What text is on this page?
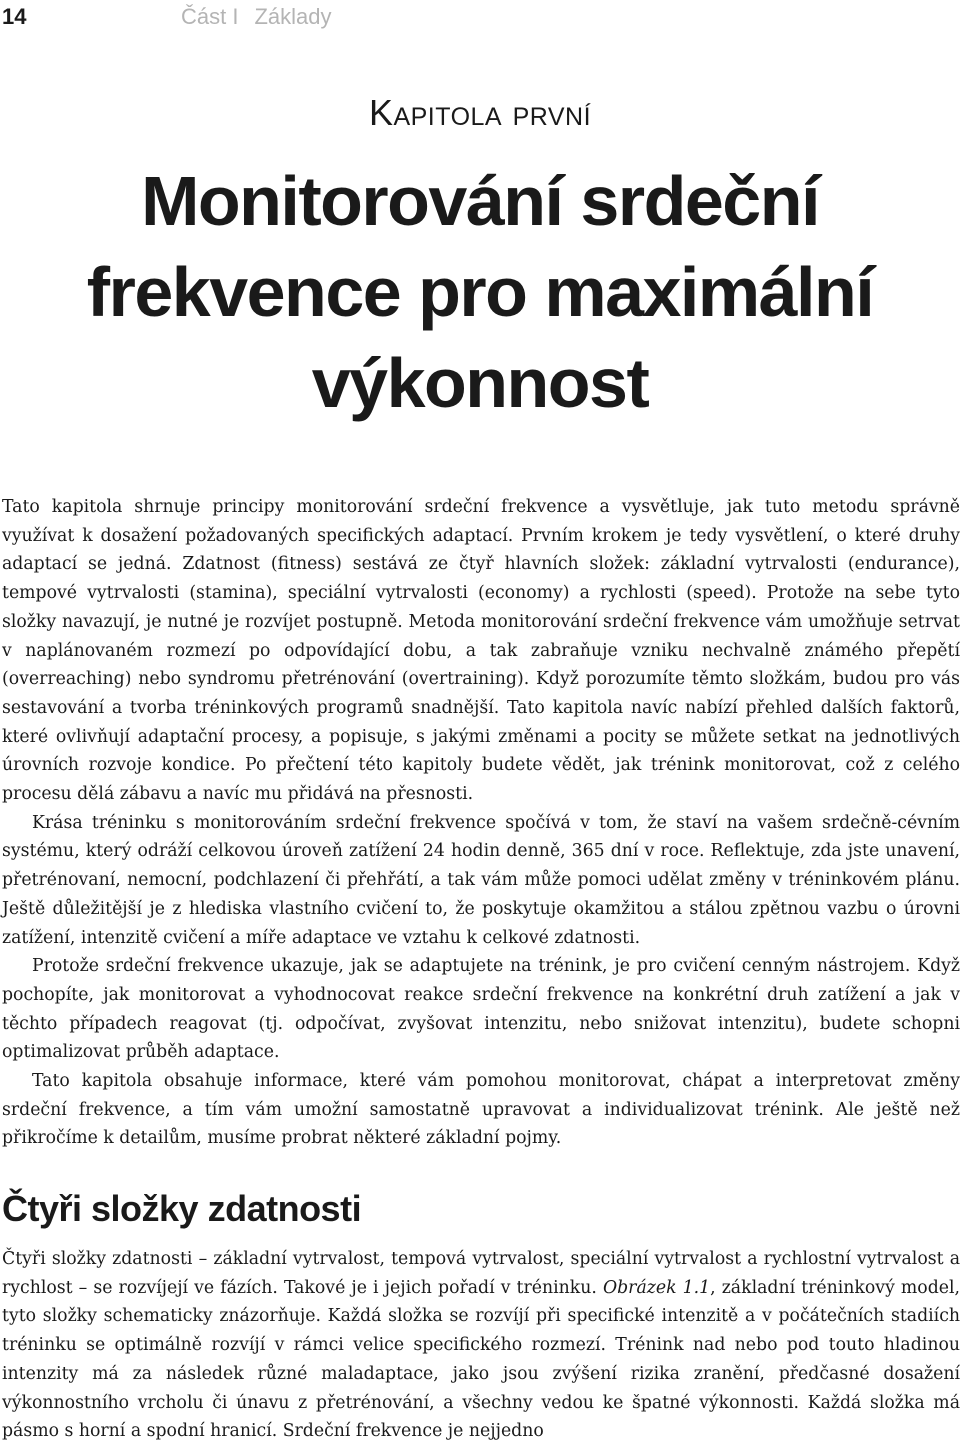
14	Část I Základy
Kapitola první
Monitorování srdeční
frekvence pro maximální
výkonnost

Tato kapitola shrnuje principy monitorování srdeční frekvence a vysvětluje, jak tuto metodu správně využívat k dosažení požadovaných specifických adaptací. Prvním krokem je tedy vysvětlení, o které druhy adaptací se jedná. Zdatnost (fitness) sestává ze čtyř hlavních složek: základní vytrvalosti (endurance), tempové vytrvalosti (stamina), speciální vytrvalosti (economy) a rychlosti (speed). Protože na sebe tyto složky navazují, je nutné je rozvíjet postupně. Metoda monitorování srdeční frekvence vám umožňuje setrvat v naplánovaném rozmezí po odpovídající dobu, a tak zabraňuje vzniku nechvalně známého přepětí (overreaching) nebo syndromu přetrénování (overtraining). Když porozumíte těmto složkám, budou pro vás sestavování a tvorba tréninkových programů snadnější. Tato kapitola navíc nabízí přehled dalších faktorů, které ovlivňují adaptační procesy, a popisuje, s jakými změnami a pocity se můžete setkat na jednotlivých úrovních rozvoje kondice. Po přečtení této kapitoly budete vědět, jak trénink monitorovat, což z celého procesu dělá zábavu a navíc mu přidává na přesnosti.

Krása tréninku s monitorováním srdeční frekvence spočívá v tom, že staví na vašem srdečně-cévním systému, který odráží celkovou úroveň zatížení 24 hodin denně, 365 dní v roce. Reflektuje, zda jste unavení, přetrénovaní, nemocní, podchlazení či přehřátí, a tak vám může pomoci udělat změny v tréninkovém plánu. Ještě důležitější je z hlediska vlastního cvičení to, že poskytuje okamžitou a stálou zpětnou vazbu o úrovni zatížení, intenzitě cvičení a míře adaptace ve vztahu k celkové zdatnosti.

Protože srdeční frekvence ukazuje, jak se adaptujete na trénink, je pro cvičení cenným nástrojem. Když pochopíte, jak monitorovat a vyhodnocovat reakce srdeční frekvence na konkrétní druh zatížení a jak v těchto případech reagovat (tj. odpočívat, zvyšovat intenzitu, nebo snižovat intenzitu), budete schopni optimalizovat průběh adaptace.

Tato kapitola obsahuje informace, které vám pomohou monitorovat, chápat a interpretovat změny srdeční frekvence, a tím vám umožní samostatně upravovat a individualizovat trénink. Ale ještě než přikročíme k detailům, musíme probrat některé základní pojmy.

Čtyři složky zdatnosti

Čtyři složky zdatnosti – základní vytrvalost, tempová vytrvalost, speciální vytrvalost a rychlostní vytrvalost a rychlost – se rozvíjejí ve fázích. Takové je i jejich pořadí v tréninku. Obrázek 1.1, základní tréninkový model, tyto složky schematicky znázorňuje. Každá složka se rozvíjí při specifické intenzitě a v počátečních stadiích tréninku se optimálně rozvíjí v rámci velice specifického rozmezí. Trénink nad nebo pod touto hladinou intenzity má za následek různé maladaptace, jako jsou zvýšení rizika zranění, předčasné dosažení výkonnostního vrcholu či únavu z přetrénování, a všechny vedou ke špatné výkonnosti. Každá složka má pásmo s horní a spodní hranicí. Srdeční frekvence je nejjedno
